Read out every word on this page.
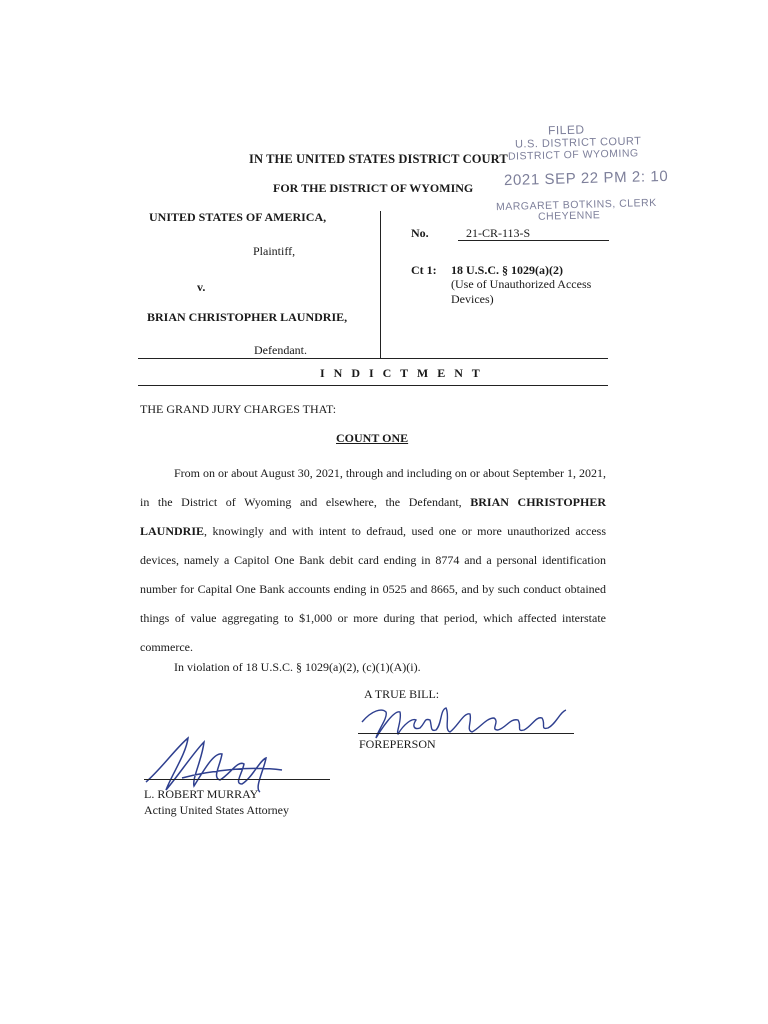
IN THE UNITED STATES DISTRICT COURT
FOR THE DISTRICT OF WYOMING
FILED
U.S. DISTRICT COURT
DISTRICT OF WYOMING
2021 SEP 22 PM 2: 10
MARGARET BOTKINS, CLERK
CHEYENNE
UNITED STATES OF AMERICA,
Plaintiff,
v.
BRIAN CHRISTOPHER LAUNDRIE,
Defendant.
No.	21-CR-113-S
Ct 1: 18 U.S.C. § 1029(a)(2)
(Use of Unauthorized Access Devices)
I N D I C T M E N T
THE GRAND JURY CHARGES THAT:
COUNT ONE
From on or about August 30, 2021, through and including on or about September 1, 2021, in the District of Wyoming and elsewhere, the Defendant, BRIAN CHRISTOPHER LAUNDRIE, knowingly and with intent to defraud, used one or more unauthorized access devices, namely a Capitol One Bank debit card ending in 8774 and a personal identification number for Capital One Bank accounts ending in 0525 and 8665, and by such conduct obtained things of value aggregating to $1,000 or more during that period, which affected interstate commerce.
In violation of 18 U.S.C. § 1029(a)(2), (c)(1)(A)(i).
A TRUE BILL:
FOREPERSON
L. ROBERT MURRAY
Acting United States Attorney
